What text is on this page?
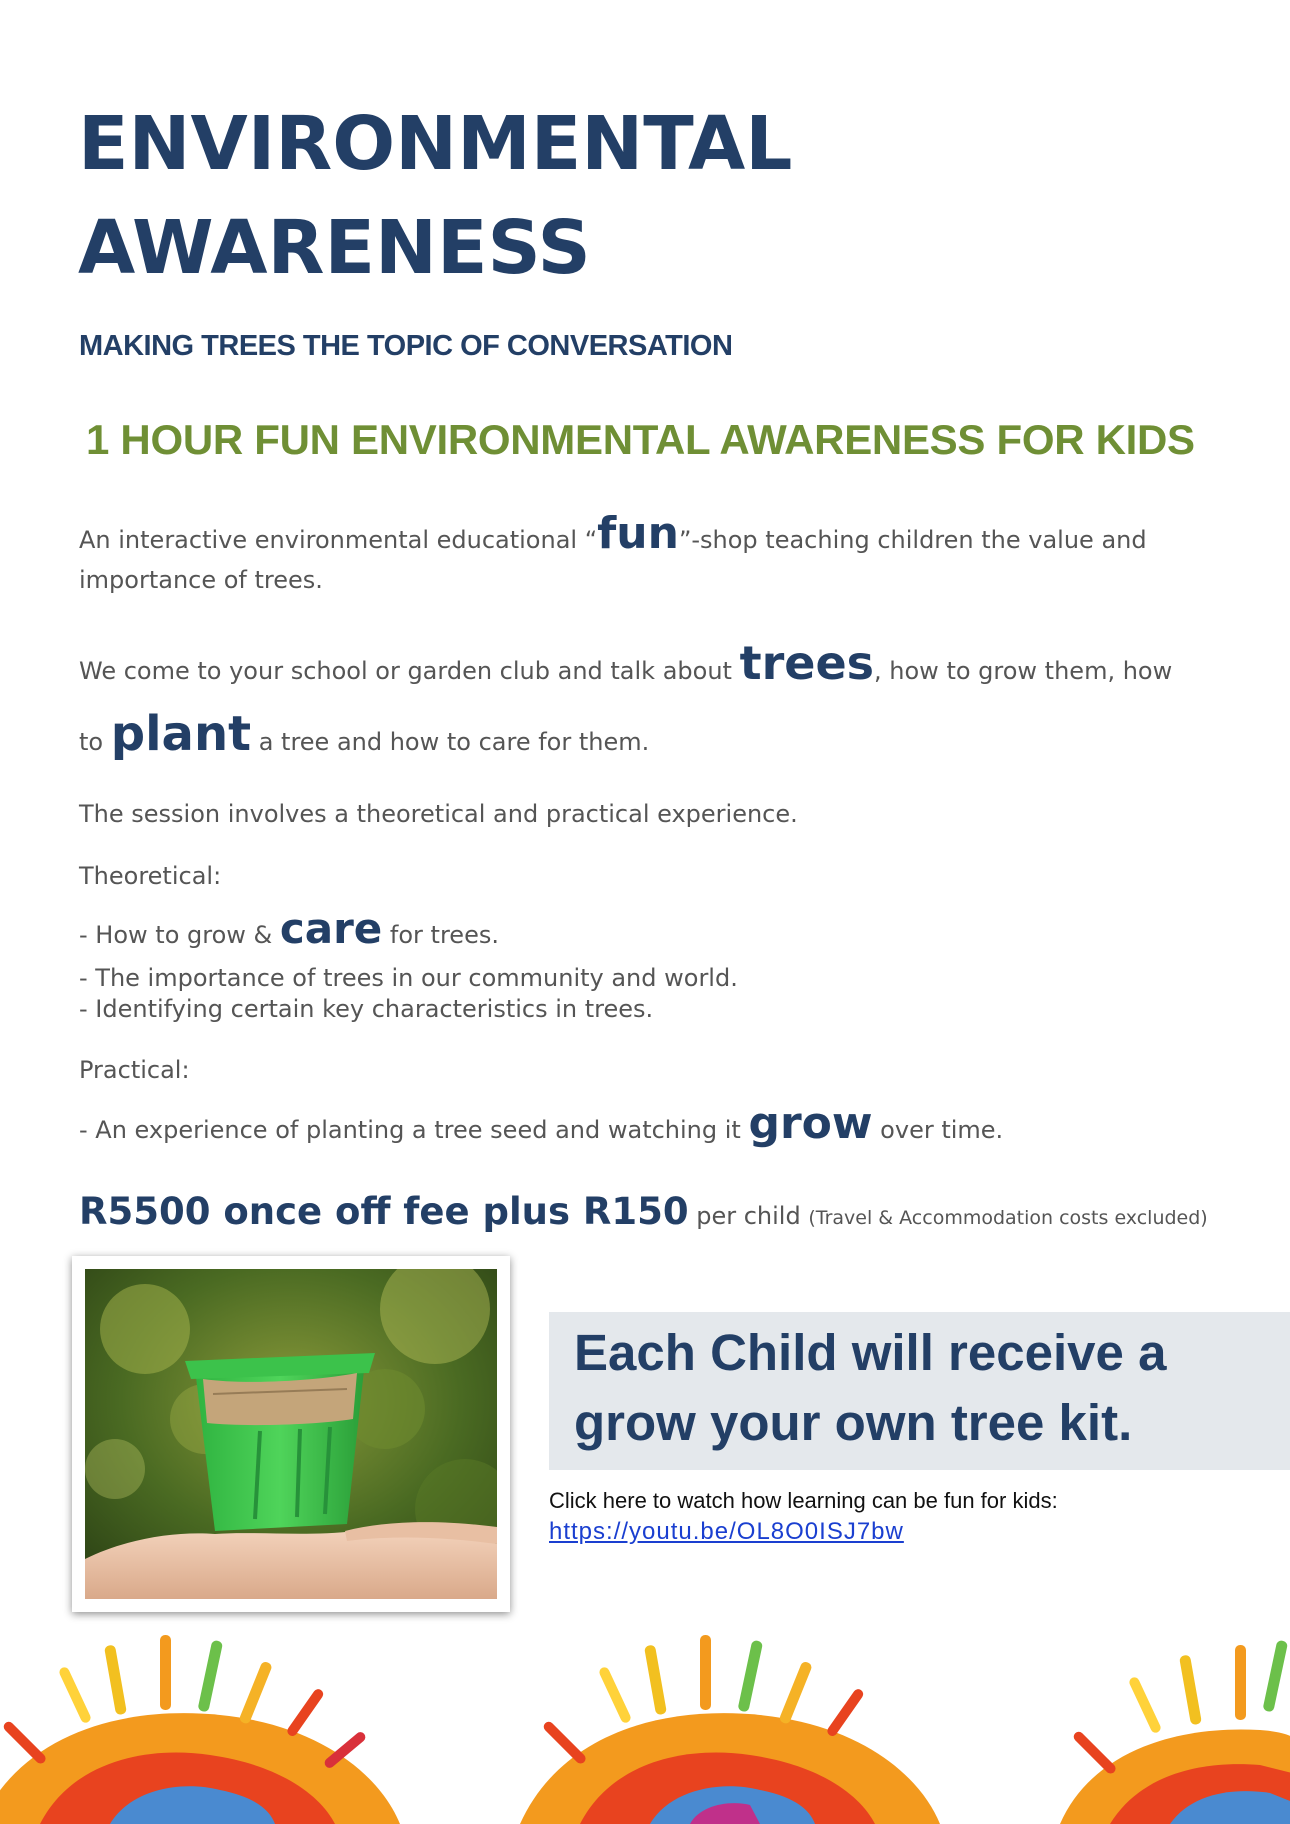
ENVIRONMENTAL
AWARENESS
MAKING TREES THE TOPIC OF CONVERSATION
1 HOUR FUN ENVIRONMENTAL AWARENESS FOR KIDS

An interactive environmental educational “fun”-shop teaching children the value and

importance of trees.

We come to your school or garden club and talk about trees, how to grow them, how

to plant a tree and how to care for them.

The session involves a theoretical and practical experience.

Theoretical:

- How to grow & care for trees.

- The importance of trees in our community and world.

- Identifying certain key characteristics in trees.

Practical:

- An experience of planting a tree seed and watching it grow over time.

R5500 once off fee plus R150 per child (Travel & Accommodation costs excluded)
Each Child will receive a
grow your own tree kit.
Click here to watch how learning can be fun for kids:
https://youtu.be/OL8O0ISJ7bw
